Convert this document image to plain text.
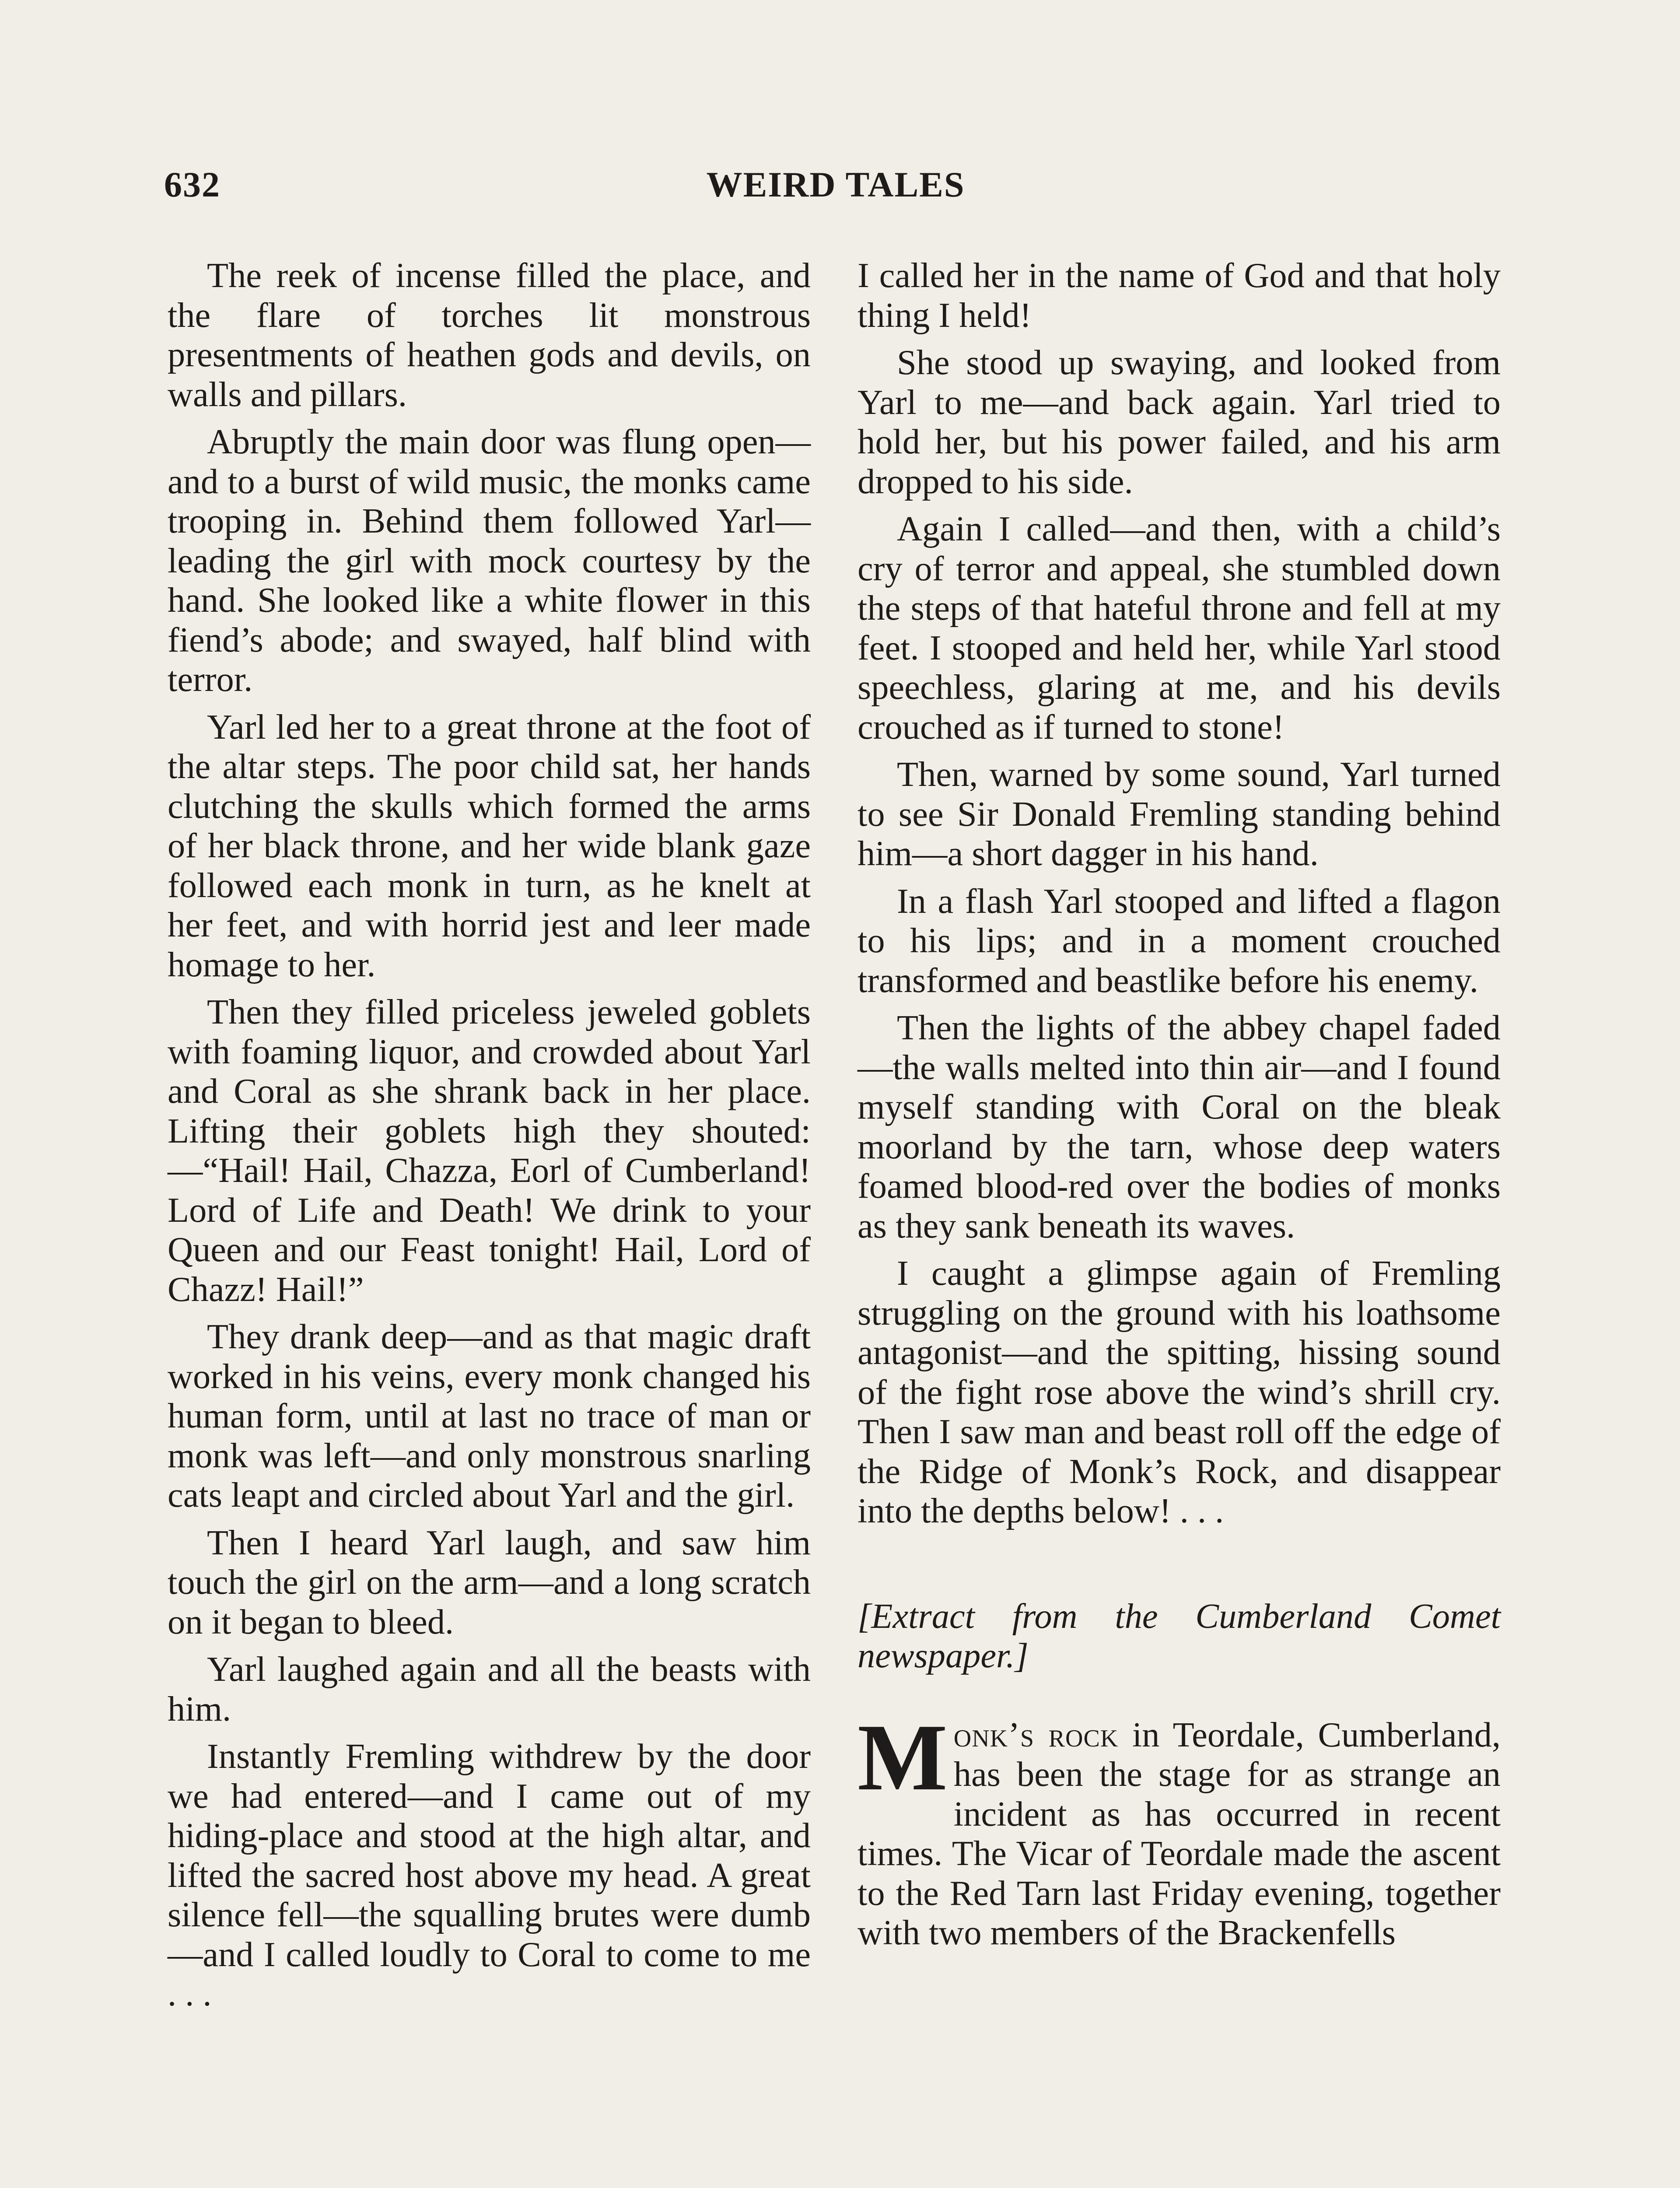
632	WEIRD TALES

The reek of incense filled the place, and the flare of torches lit monstrous presentments of heathen gods and devils, on walls and pillars.

Abruptly the main door was flung open—and to a burst of wild music, the monks came trooping in. Behind them followed Yarl—leading the girl with mock courtesy by the hand. She looked like a white flower in this fiend’s abode; and swayed, half blind with terror.

Yarl led her to a great throne at the foot of the altar steps. The poor child sat, her hands clutching the skulls which formed the arms of her black throne, and her wide blank gaze followed each monk in turn, as he knelt at her feet, and with horrid jest and leer made homage to her.

Then they filled priceless jeweled goblets with foaming liquor, and crowded about Yarl and Coral as she shrank back in her place. Lifting their goblets high they shouted: —“Hail! Hail, Chazza, Eorl of Cumberland! Lord of Life and Death! We drink to your Queen and our Feast tonight! Hail, Lord of Chazz! Hail!”

They drank deep—and as that magic draft worked in his veins, every monk changed his human form, until at last no trace of man or monk was left—and only monstrous snarling cats leapt and circled about Yarl and the girl.

Then I heard Yarl laugh, and saw him touch the girl on the arm—and a long scratch on it began to bleed.

Yarl laughed again and all the beasts with him.

Instantly Fremling withdrew by the door we had entered—and I came out of my hiding-place and stood at the high altar, and lifted the sacred host above my head. A great silence fell—the squalling brutes were dumb—and I called loudly to Coral to come to me . . .

I called her in the name of God and that holy thing I held!

She stood up swaying, and looked from Yarl to me—and back again. Yarl tried to hold her, but his power failed, and his arm dropped to his side.

Again I called—and then, with a child’s cry of terror and appeal, she stumbled down the steps of that hateful throne and fell at my feet. I stooped and held her, while Yarl stood speechless, glaring at me, and his devils crouched as if turned to stone!

Then, warned by some sound, Yarl turned to see Sir Donald Fremling standing behind him—a short dagger in his hand.

In a flash Yarl stooped and lifted a flagon to his lips; and in a moment crouched transformed and beastlike before his enemy.

Then the lights of the abbey chapel faded—the walls melted into thin air—and I found myself standing with Coral on the bleak moorland by the tarn, whose deep waters foamed blood-red over the bodies of monks as they sank beneath its waves.

I caught a glimpse again of Fremling struggling on the ground with his loathsome antagonist—and the spitting, hissing sound of the fight rose above the wind’s shrill cry. Then I saw man and beast roll off the edge of the Ridge of Monk’s Rock, and disappear into the depths below! . . .

[Extract from the Cumberland Comet newspaper.]

Monk’s rock in Teordale, Cumberland, has been the stage for as strange an incident as has occurred in recent times. The Vicar of Teordale made the ascent to the Red Tarn last Friday evening, together with two members of the Brackenfells
